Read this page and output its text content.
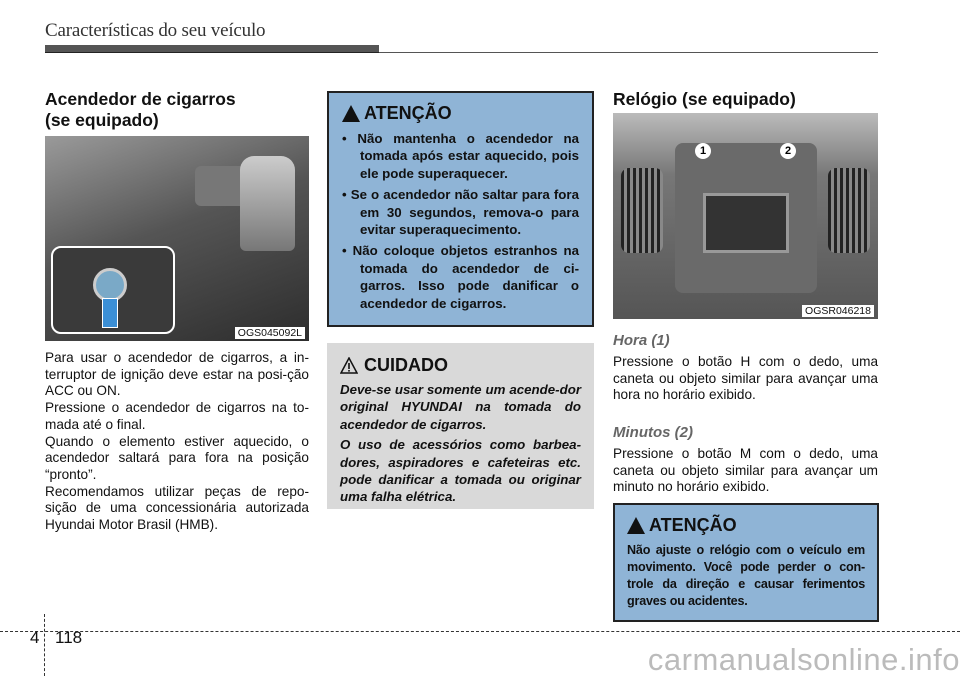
Características do seu veículo
Acendedor de cigarros
(se equipado)
OGS045092L

Para usar o acendedor de cigarros, a in-terruptor de ignição deve estar na posi-ção ACC ou ON.

Pressione o acendedor de cigarros na to-mada até o final.

Quando o elemento estiver aquecido, o acendedor saltará para fora na posição “pronto”.

Recomendamos utilizar peças de repo-sição de uma concessionária autorizada Hyundai Motor Brasil (HMB).

ATENÇÃO
• Não mantenha o acendedor na tomada após estar aquecido, pois ele pode superaquecer.
• Se o acendedor não saltar para fora em 30 segundos, remova-o para evitar superaquecimento.
• Não coloque objetos estranhos na tomada do acendedor de ci-garros. Isso pode danificar o acendedor de cigarros.
CUIDADO

Deve-se usar somente um acende-dor original HYUNDAI na tomada do acendedor de cigarros.

O uso de acessórios como barbea-dores, aspiradores e cafeteiras etc. pode danificar a tomada ou originar uma falha elétrica.

Relógio (se equipado)
1	2
OGSR046218
Hora (1)
Pressione o botão H com o dedo, uma caneta ou objeto similar para avançar uma hora no horário exibido.
Minutos (2)
Pressione o botão M com o dedo, uma caneta ou objeto similar para avançar um minuto no horário exibido.
ATENÇÃO
Não ajuste o relógio com o veículo em movimento. Você pode perder o con-trole da direção e causar ferimentos graves ou acidentes.
4 118
carmanualsonline.info
